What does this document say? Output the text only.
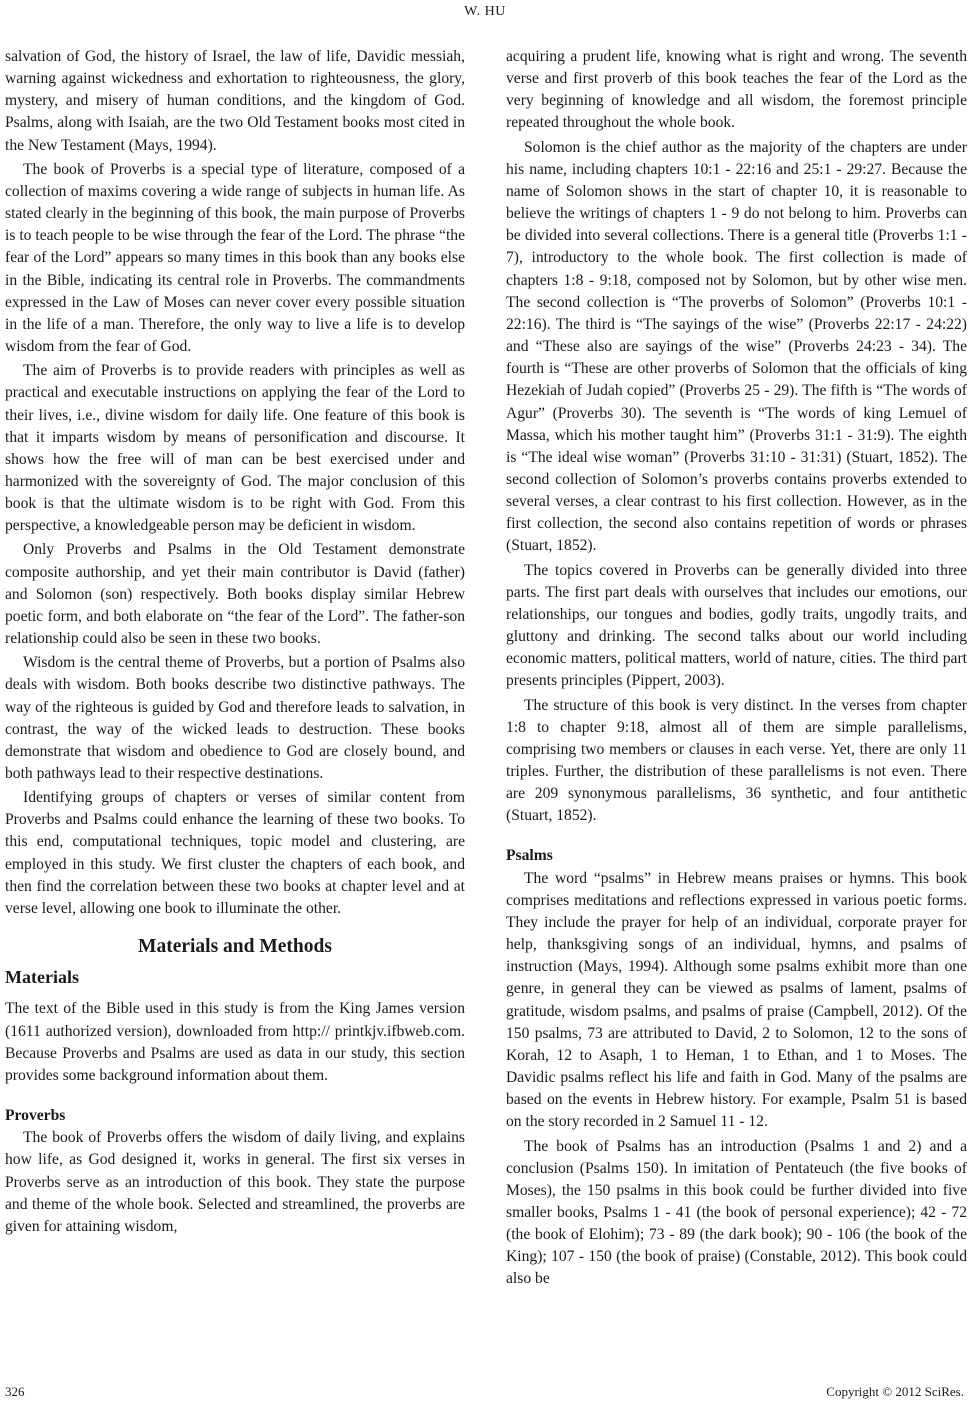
W. HU

salvation of God, the history of Israel, the law of life, Davidic messiah, warning against wickedness and exhortation to righteousness, the glory, mystery, and misery of human conditions, and the kingdom of God. Psalms, along with Isaiah, are the two Old Testament books most cited in the New Testament (Mays, 1994).

The book of Proverbs is a special type of literature, composed of a collection of maxims covering a wide range of subjects in human life. As stated clearly in the beginning of this book, the main purpose of Proverbs is to teach people to be wise through the fear of the Lord. The phrase “the fear of the Lord” appears so many times in this book than any books else in the Bible, indicating its central role in Proverbs. The commandments expressed in the Law of Moses can never cover every possible situation in the life of a man. Therefore, the only way to live a life is to develop wisdom from the fear of God.

The aim of Proverbs is to provide readers with principles as well as practical and executable instructions on applying the fear of the Lord to their lives, i.e., divine wisdom for daily life. One feature of this book is that it imparts wisdom by means of personification and discourse. It shows how the free will of man can be best exercised under and harmonized with the sovereignty of God. The major conclusion of this book is that the ultimate wisdom is to be right with God. From this perspective, a knowledgeable person may be deficient in wisdom.

Only Proverbs and Psalms in the Old Testament demonstrate composite authorship, and yet their main contributor is David (father) and Solomon (son) respectively. Both books display similar Hebrew poetic form, and both elaborate on “the fear of the Lord”. The father-son relationship could also be seen in these two books.

Wisdom is the central theme of Proverbs, but a portion of Psalms also deals with wisdom. Both books describe two distinctive pathways. The way of the righteous is guided by God and therefore leads to salvation, in contrast, the way of the wicked leads to destruction. These books demonstrate that wisdom and obedience to God are closely bound, and both pathways lead to their respective destinations.

Identifying groups of chapters or verses of similar content from Proverbs and Psalms could enhance the learning of these two books. To this end, computational techniques, topic model and clustering, are employed in this study. We first cluster the chapters of each book, and then find the correlation between these two books at chapter level and at verse level, allowing one book to illuminate the other.

Materials and Methods
Materials

The text of the Bible used in this study is from the King James version (1611 authorized version), downloaded from http:// printkjv.ifbweb.com. Because Proverbs and Psalms are used as data in our study, this section provides some background information about them.

Proverbs

The book of Proverbs offers the wisdom of daily living, and explains how life, as God designed it, works in general. The first six verses in Proverbs serve as an introduction of this book. They state the purpose and theme of the whole book. Selected and streamlined, the proverbs are given for attaining wisdom,

acquiring a prudent life, knowing what is right and wrong. The seventh verse and first proverb of this book teaches the fear of the Lord as the very beginning of knowledge and all wisdom, the foremost principle repeated throughout the whole book.

Solomon is the chief author as the majority of the chapters are under his name, including chapters 10:1 - 22:16 and 25:1 - 29:27. Because the name of Solomon shows in the start of chapter 10, it is reasonable to believe the writings of chapters 1 - 9 do not belong to him. Proverbs can be divided into several collections. There is a general title (Proverbs 1:1 - 7), introductory to the whole book. The first collection is made of chapters 1:8 - 9:18, composed not by Solomon, but by other wise men. The second collection is “The proverbs of Solomon” (Proverbs 10:1 - 22:16). The third is “The sayings of the wise” (Proverbs 22:17 - 24:22) and “These also are sayings of the wise” (Proverbs 24:23 - 34). The fourth is “These are other proverbs of Solomon that the officials of king Hezekiah of Judah copied” (Proverbs 25 - 29). The fifth is “The words of Agur” (Proverbs 30). The seventh is “The words of king Lemuel of Massa, which his mother taught him” (Proverbs 31:1 - 31:9). The eighth is “The ideal wise woman” (Proverbs 31:10 - 31:31) (Stuart, 1852). The second collection of Solomon’s proverbs contains proverbs extended to several verses, a clear contrast to his first collection. However, as in the first collection, the second also contains repetition of words or phrases (Stuart, 1852).

The topics covered in Proverbs can be generally divided into three parts. The first part deals with ourselves that includes our emotions, our relationships, our tongues and bodies, godly traits, ungodly traits, and gluttony and drinking. The second talks about our world including economic matters, political matters, world of nature, cities. The third part presents principles (Pippert, 2003).

The structure of this book is very distinct. In the verses from chapter 1:8 to chapter 9:18, almost all of them are simple parallelisms, comprising two members or clauses in each verse. Yet, there are only 11 triples. Further, the distribution of these parallelisms is not even. There are 209 synonymous parallelisms, 36 synthetic, and four antithetic (Stuart, 1852).

Psalms

The word “psalms” in Hebrew means praises or hymns. This book comprises meditations and reflections expressed in various poetic forms. They include the prayer for help of an individual, corporate prayer for help, thanksgiving songs of an individual, hymns, and psalms of instruction (Mays, 1994). Although some psalms exhibit more than one genre, in general they can be viewed as psalms of lament, psalms of gratitude, wisdom psalms, and psalms of praise (Campbell, 2012). Of the 150 psalms, 73 are attributed to David, 2 to Solomon, 12 to the sons of Korah, 12 to Asaph, 1 to Heman, 1 to Ethan, and 1 to Moses. The Davidic psalms reflect his life and faith in God. Many of the psalms are based on the events in Hebrew history. For example, Psalm 51 is based on the story recorded in 2 Samuel 11 - 12.

The book of Psalms has an introduction (Psalms 1 and 2) and a conclusion (Psalms 150). In imitation of Pentateuch (the five books of Moses), the 150 psalms in this book could be further divided into five smaller books, Psalms 1 - 41 (the book of personal experience); 42 - 72 (the book of Elohim); 73 - 89 (the dark book); 90 - 106 (the book of the King); 107 - 150 (the book of praise) (Constable, 2012). This book could also be

326	Copyright © 2012 SciRes.
